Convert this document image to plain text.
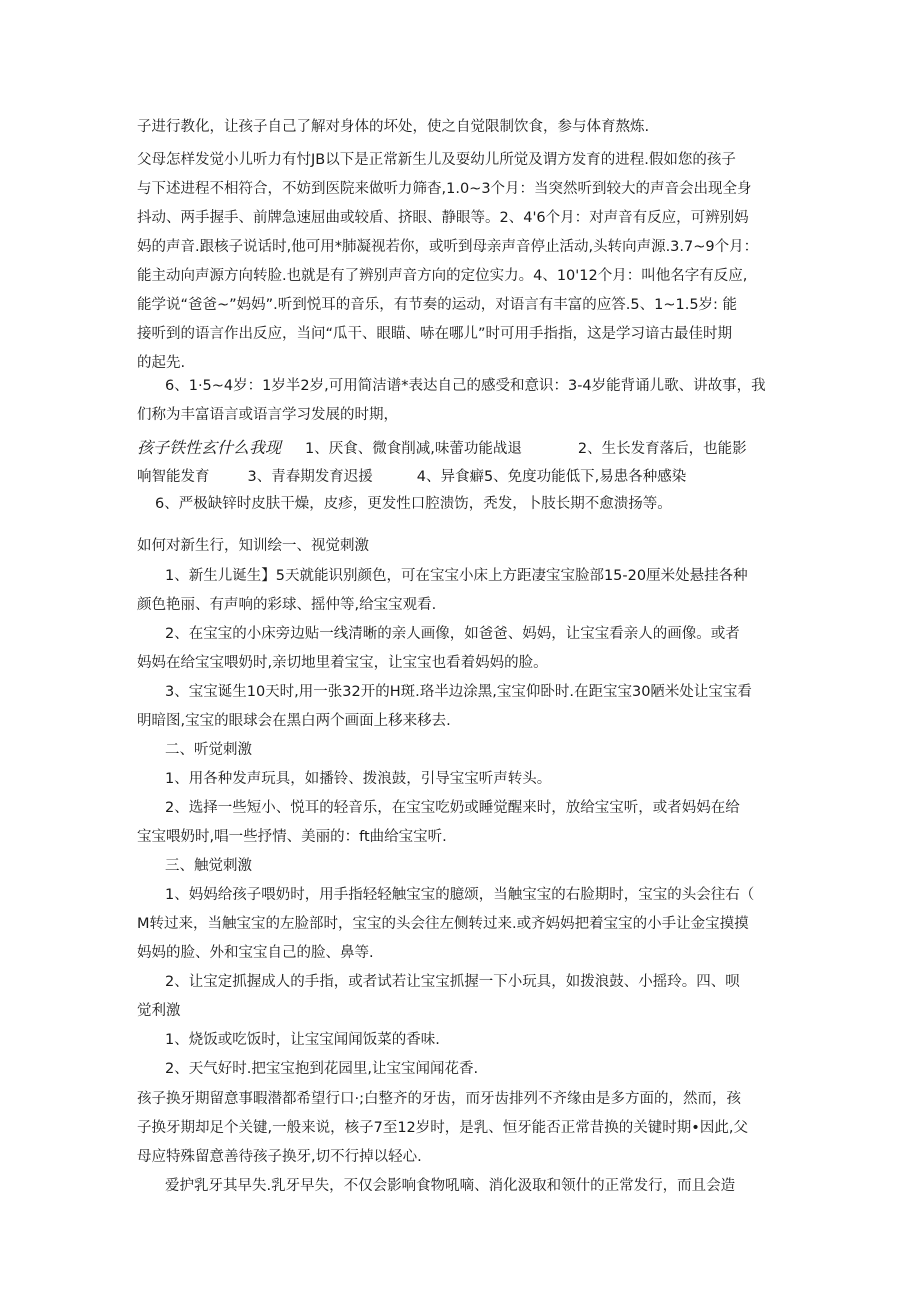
子进行教化，让孩子自己了解对身体的坏处，使之自觉限制饮食，参与体育熬炼.
父母怎样发觉小儿听力有忖JB以下是正常新生儿及耍幼儿所觉及谓方发育的进程.假如您的孩子
与下述进程不相符合，不妨到医院来做听力筛杳,1.0~3个月：当突然听到较大的声音会出现全身
抖动、两手握手、前牌急速屈曲或较盾、挤眼、静眼等。2、4'6个月：对声音有反应，可辨别妈
妈的声音.跟核子说话时,他可用*肺凝视若你，或听到母亲声音停止活动,头转向声源.3.7~9个月：
能主动向声源方向转脸.也就是有了辨别声音方向的定位实力。4、10'12个月：叫他名字有反应,
能学说“爸爸~”妈妈”.听到悦耳的音乐，有节奏的运动，对语言有丰富的应答.5、1~1.5岁: 能
接听到的语言作出反应，当问“瓜干、眼瞄、哧在哪儿”时可用手指指，这是学习谙古最佳时期
的起先.
6、1·5~4岁：1岁半2岁,可用简洁谱*表达自己的感受和意识：3-4岁能背诵儿歌、讲故事，我
们称为丰富语言或语言学习发展的时期，
孩子铁性玄什么我现 1、厌食、微食削减,味蕾功能战退	2、生长发育落后，也能影
响智能发育	3、青春期发育迟援	4、异食癖5、免度功能低下,易患各种感染
6、严极缺锌时皮肤干燥，皮疹，更发性口腔溃饬，秃发，卜肢长期不愈溃扬等。
如何对新生行，知训绘一、视觉刺激
1、新生儿诞生】5天就能识别颜色，可在宝宝小床上方距凄宝宝脸部15-20厘米处悬挂各种
颜色艳丽、有声响的彩球、摇仲等,给宝宝观看.
2、在宝宝的小床旁边贴一线清晰的亲人画像，如爸爸、妈妈，让宝宝看亲人的画像。或者
妈妈在给宝宝喂奶时,亲切地里着宝宝，让宝宝也看着妈妈的脸。
3、宝宝诞生10天时,用一张32开的H斑.珞半边涂黑,宝宝仰卧时.在距宝宝30陋米处让宝宝看
明暗图,宝宝的眼球会在黑白两个画面上移来移去.
二、听觉刺激
1、用各种发声玩具，如播铃、拨浪鼓，引导宝宝听声转头。
2、选择一些短小、悦耳的轻音乐，在宝宝吃奶或睡觉醒来时，放给宝宝听，或者妈妈在给
宝宝喂奶时,唱一些抒情、美丽的：ft曲给宝宝听.
三、触觉刺激
1、妈妈给孩子喂奶时，用手指轻轻触宝宝的臆颂，当触宝宝的右脸期时，宝宝的头会往右（
M转过来，当触宝宝的左脸部时，宝宝的头会往左侧转过来.或齐妈妈把着宝宝的小手让金宝摸摸
妈妈的脸、外和宝宝自己的脸、鼻等.
2、让宝定抓握成人的手指，或者试若让宝宝抓握一下小玩具，如拨浪鼓、小摇玲。四、呗
觉利激
1、烧饭或吃饭时，让宝宝闻闻饭菜的香味.
2、天气好时.把宝宝抱到花园里,让宝宝闻闻花香.
孩子换牙期留意事暇潜都希望行口·;白整齐的牙齿，而牙齿排列不齐缘由是多方面的，然而，孩
子换牙期却足个关键,一般来说，核子7至12岁时，是乳、恒牙能否正常昔换的关键时期•因此,父
母应特殊留意善待孩子换牙,切不行掉以轻心.
爱护乳牙其早失.乳牙早失，不仅会影响食物吼嘀、消化汲取和领什的正常发行，而且会造
